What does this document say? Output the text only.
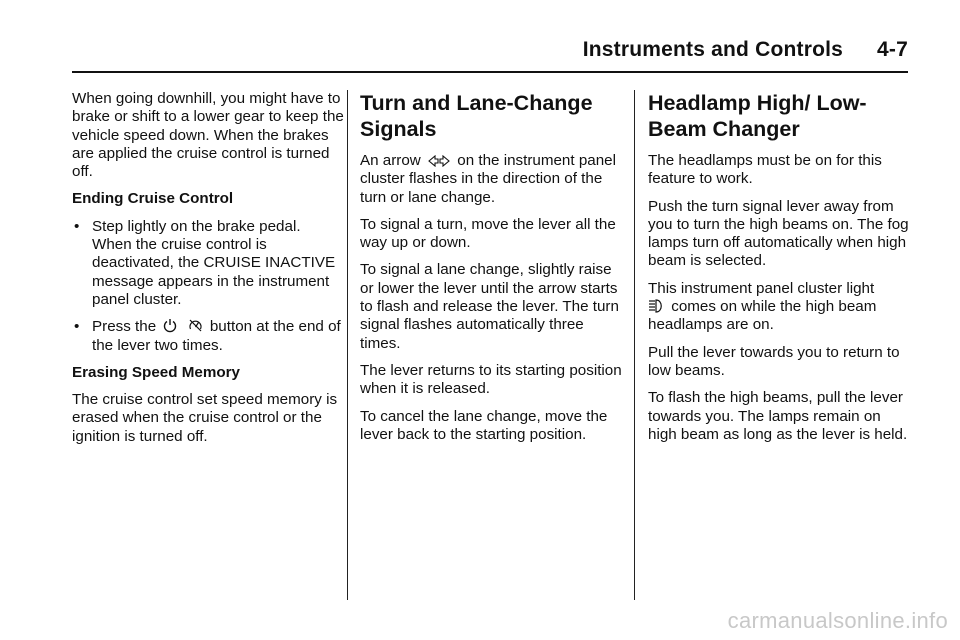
Instruments and Controls 4-7

When going downhill, you might have to brake or shift to a lower gear to keep the vehicle speed down. When the brakes are applied the cruise control is turned off.

Ending Cruise Control

• Step lightly on the brake pedal. When the cruise control is deactivated, the CRUISE INACTIVE message appears in the instrument panel cluster.
• Press the	button at the end of the lever two times.

Erasing Speed Memory

The cruise control set speed memory is erased when the cruise control or the ignition is turned off.

Turn and Lane-Change Signals

An arrow on the instrument panel cluster flashes in the direction of the turn or lane change.

To signal a turn, move the lever all the way up or down.

To signal a lane change, slightly raise or lower the lever until the arrow starts to flash and release the lever. The turn signal flashes automatically three times.

The lever returns to its starting position when it is released.

To cancel the lane change, move the lever back to the starting position.

Headlamp High/ Low-Beam Changer

The headlamps must be on for this feature to work.

Push the turn signal lever away from you to turn the high beams on. The fog lamps turn off automatically when high beam is selected.

This instrument panel cluster light
comes on while the high beam headlamps are on.

Pull the lever towards you to return to low beams.

To flash the high beams, pull the lever towards you. The lamps remain on high beam as long as the lever is held.

carmanualsonline.info
